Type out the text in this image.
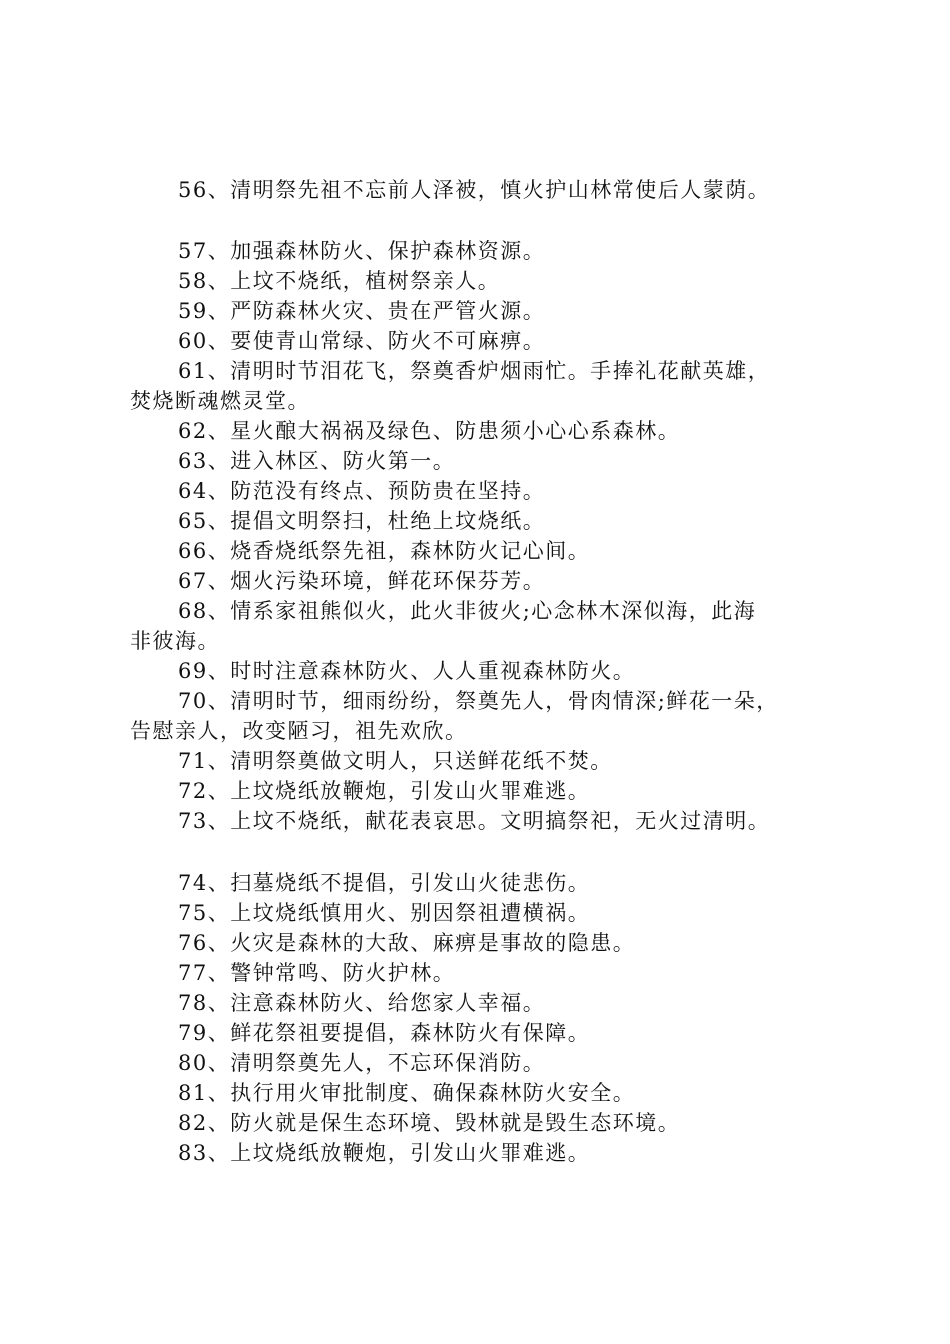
56、清明祭先祖不忘前人泽被，慎火护山林常使后人蒙荫。
57、加强森林防火、保护森林资源。
58、上坟不烧纸，植树祭亲人。
59、严防森林火灾、贵在严管火源。
60、要使青山常绿、防火不可麻痹。
61、清明时节泪花飞，祭奠香炉烟雨忙。手捧礼花献英雄，
焚烧断魂燃灵堂。
62、星火酿大祸祸及绿色、防患须小心心系森林。
63、进入林区、防火第一。
64、防范没有终点、预防贵在坚持。
65、提倡文明祭扫，杜绝上坟烧纸。
66、烧香烧纸祭先祖，森林防火记心间。
67、烟火污染环境，鲜花环保芬芳。
68、情系家祖熊似火，此火非彼火;心念林木深似海，此海
非彼海。
69、时时注意森林防火、人人重视森林防火。
70、清明时节，细雨纷纷，祭奠先人，骨肉情深;鲜花一朵，
告慰亲人，改变陋习，祖先欢欣。
71、清明祭奠做文明人，只送鲜花纸不焚。
72、上坟烧纸放鞭炮，引发山火罪难逃。
73、上坟不烧纸，献花表哀思。文明搞祭祀，无火过清明。
74、扫墓烧纸不提倡，引发山火徒悲伤。
75、上坟烧纸慎用火、别因祭祖遭横祸。
76、火灾是森林的大敌、麻痹是事故的隐患。
77、警钟常鸣、防火护林。
78、注意森林防火、给您家人幸福。
79、鲜花祭祖要提倡，森林防火有保障。
80、清明祭奠先人，不忘环保消防。
81、执行用火审批制度、确保森林防火安全。
82、防火就是保生态环境、毁林就是毁生态环境。
83、上坟烧纸放鞭炮，引发山火罪难逃。
